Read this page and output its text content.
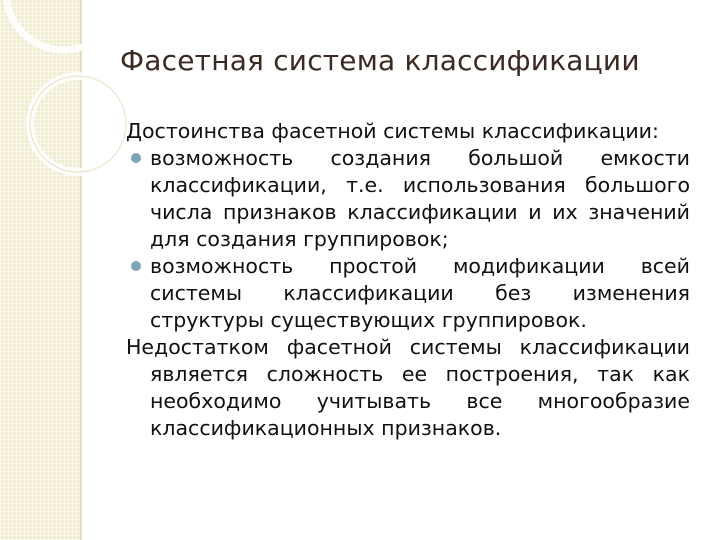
Фасетная система классификации

Достоинства фасетной системы классификации:

возможность создания большой емкости классификации, т.е. использования большого числа признаков классификации и их значений для создания группировок;

возможность простой модификации всей системы классификации без изменения структуры существующих группировок.

Недостатком фасетной системы классификации является сложность ее построения, так как необходимо учитывать все многообразие классификационных признаков.
